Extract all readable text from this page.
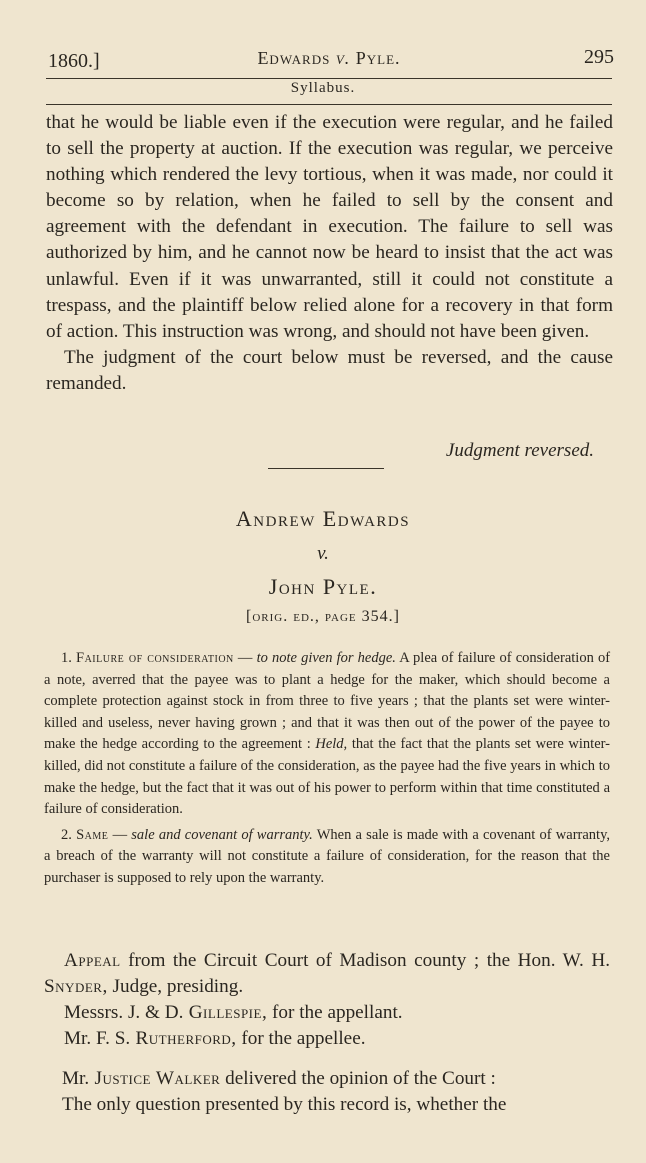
1860.]	Edwards v. Pyle.	295
Syllabus.

that he would be liable even if the execution were regular, and he failed to sell the property at auction. If the execution was regular, we perceive nothing which rendered the levy tortious, when it was made, nor could it become so by relation, when he failed to sell by the consent and agreement with the defendant in execution. The failure to sell was authorized by him, and he cannot now be heard to insist that the act was unlawful. Even if it was unwarranted, still it could not constitute a trespass, and the plaintiff below relied alone for a recovery in that form of action. This instruction was wrong, and should not have been given.

The judgment of the court below must be reversed, and the cause remanded.

Judgment reversed.
Andrew Edwards
v.
John Pyle.
[orig. ed., page 354.]

1. Failure of consideration — to note given for hedge. A plea of failure of consideration of a note, averred that the payee was to plant a hedge for the maker, which should become a complete protection against stock in from three to five years ; that the plants set were winter-killed and useless, never having grown ; and that it was then out of the power of the payee to make the hedge according to the agreement : Held, that the fact that the plants set were winter-killed, did not constitute a failure of the consideration, as the payee had the five years in which to make the hedge, but the fact that it was out of his power to perform within that time constituted a failure of consideration.

2. Same — sale and covenant of warranty. When a sale is made with a covenant of warranty, a breach of the warranty will not constitute a failure of consideration, for the reason that the purchaser is supposed to rely upon the warranty.

Appeal from the Circuit Court of Madison county ; the Hon. W. H. Snyder, Judge, presiding.

Messrs. J. & D. Gillespie, for the appellant.

Mr. F. S. Rutherford, for the appellee.

Mr. Justice Walker delivered the opinion of the Court :

The only question presented by this record is, whether the
